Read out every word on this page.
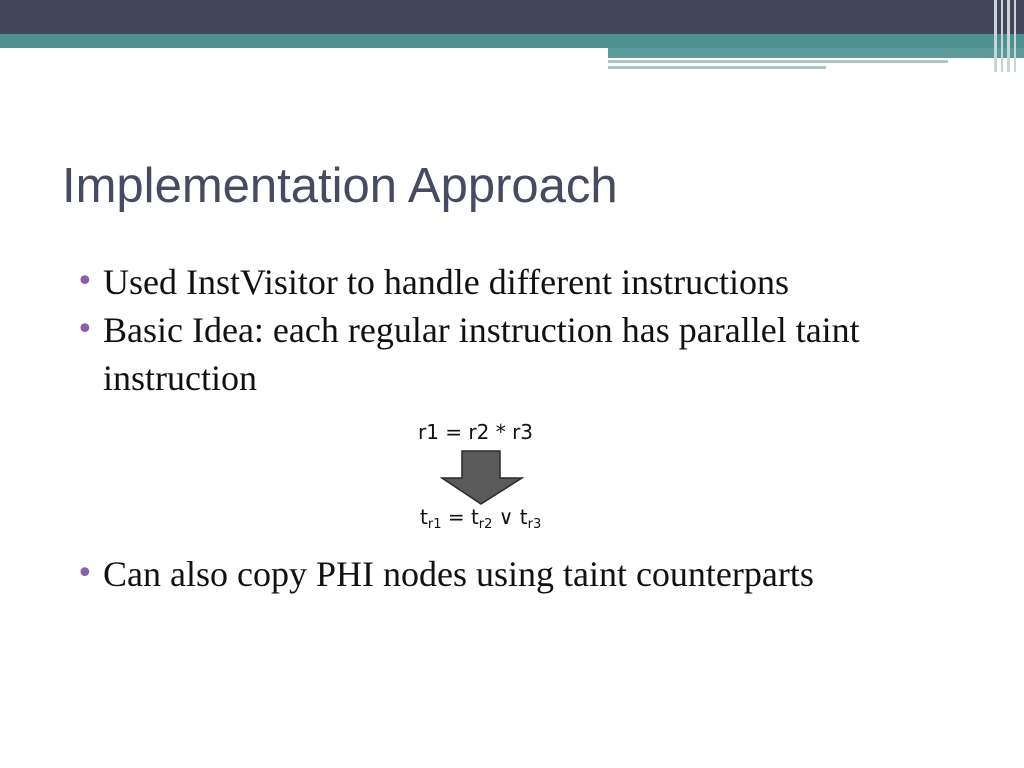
Implementation Approach
• Used InstVisitor to handle different instructions
• Basic Idea: each regular instruction has parallel taint instruction
• Can also copy PHI nodes using taint counterparts
r1 = r2 * r3
$t_{r1} = t_{r2}$ ∨ $t_{r3}$
